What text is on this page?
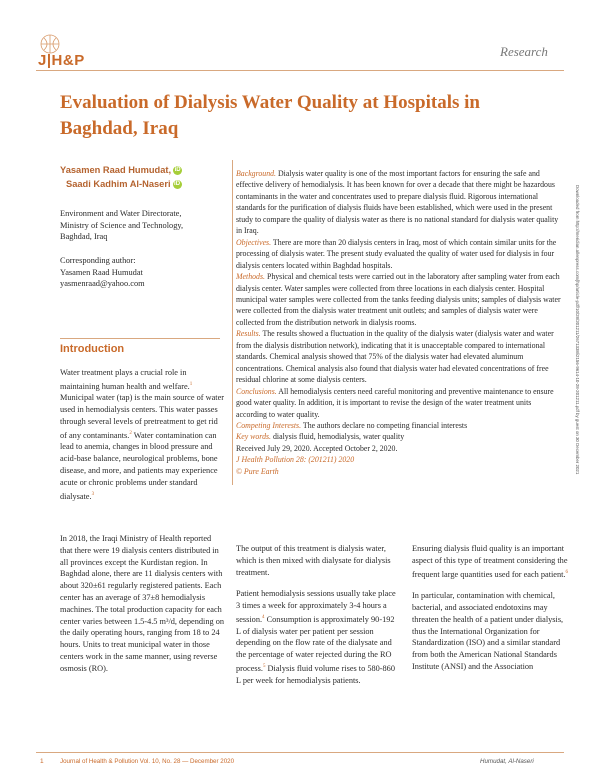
J|H&P
Research
Evaluation of Dialysis Water Quality at Hospitals in Baghdad, Iraq
Yasamen Raad Humudat, iD
Saadi Kadhim Al-Naseri iD
Environment and Water Directorate,
Ministry of Science and Technology,
Baghdad, Iraq
Corresponding author:
Yasamen Raad Humudat
yasmenraad@yahoo.com

Background. Dialysis water quality is one of the most important factors for ensuring the safe and effective delivery of hemodialysis. It has been known for over a decade that there might be hazardous contaminants in the water and concentrates used to prepare dialysis fluid. Rigorous international standards for the purification of dialysis fluids have been established, which were used in the present study to compare the quality of dialysis water as there is no national standard for dialysis water quality in Iraq.

Objectives. There are more than 20 dialysis centers in Iraq, most of which contain similar units for the processing of dialysis water. The present study evaluated the quality of water used for dialysis in four dialysis centers located within Baghdad hospitals.

Methods. Physical and chemical tests were carried out in the laboratory after sampling water from each dialysis center. Water samples were collected from three locations in each dialysis center. Hospital municipal water samples were collected from the tanks feeding dialysis units; samples of dialysis water were collected from the dialysis water treatment unit outlets; and samples of dialysis water were collected from the distribution network in dialysis rooms.

Results. The results showed a fluctuation in the quality of the dialysis water (dialysis water and water from the dialysis distribution network), indicating that it is unacceptable compared to international standards. Chemical analysis showed that 75% of the dialysis water had elevated aluminum concentrations. Chemical analysis also found that dialysis water had elevated concentrations of free residual chlorine at some dialysis centers.

Conclusions. All hemodialysis centers need careful monitoring and preventive maintenance to ensure good water quality. In addition, it is important to revise the design of the water treatment units according to water quality.

Competing Interests. The authors declare no competing financial interests

Key words. dialysis fluid, hemodialysis, water quality

Received July 29, 2020. Accepted October 2, 2020.

J Health Pollution 28: (201211) 2020

© Pure Earth	Downloaded from http://meridian.allenpress.com/jhp/article-pdf/10/28/201211/2671338/i2156-9614-10-28-201211.pdf by guest on 30 December 2021
Introduction

Water treatment plays a crucial role in maintaining human health and welfare.$^1$ Municipal water (tap) is the main source of water used in hemodialysis centers. This water passes through several levels of pretreatment to get rid of any contaminants.$^2$ Water contamination can lead to anemia, changes in blood pressure and acid-base balance, neurological problems, bone disease, and more, and patients may experience acute or chronic problems under standard dialysate.$^3$

In 2018, the Iraqi Ministry of Health reported that there were 19 dialysis centers distributed in all provinces except the Kurdistan region. In Baghdad alone, there are 11 dialysis centers with about 320±61 regularly registered patients. Each center has an average of 37±8 hemodialysis machines. The total production capacity for each center varies between 1.5-4.5 m³/d, depending on the daily operating hours, ranging from 18 to 24 hours. Units to treat municipal water in those centers work in the same manner, using reverse osmosis (RO).

The output of this treatment is dialysis water, which is then mixed with dialysate for dialysis treatment.

Patient hemodialysis sessions usually take place 3 times a week for approximately 3-4 hours a session.$^4$ Consumption is approximately 90-192 L of dialysis water per patient per session depending on the flow rate of the dialysate and the percentage of water rejected during the RO process.$^5$ Dialysis fluid volume rises to 580-860 L per week for hemodialysis patients.

Ensuring dialysis fluid quality is an important aspect of this type of treatment considering the frequent large quantities used for each patient.$^6$

In particular, contamination with chemical, bacterial, and associated endotoxins may threaten the health of a patient under dialysis, thus the International Organization for Standardization (ISO) and a similar standard from both the American National Standards Institute (ANSI) and the Association

1	Journal of Health & Pollution Vol. 10, No. 28 — December 2020	Humudat, Al-Naseri
